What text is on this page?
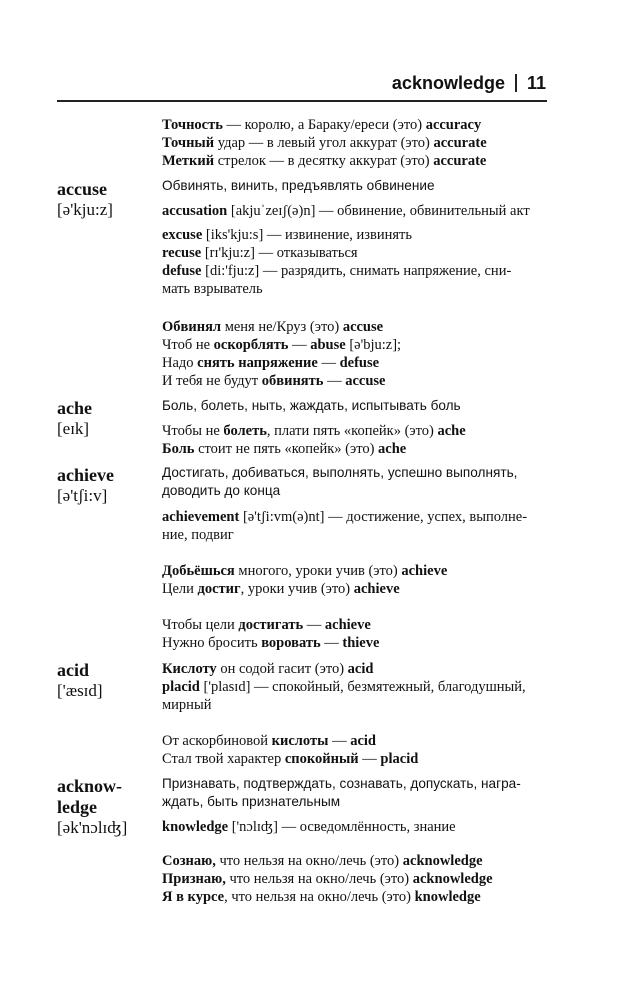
acknowledge 11
Точность — королю, а Бараку/ереси (это) accuracy
Точный удар — в левый угол аккурат (это) accurate
Меткий стрелок — в десятку аккурат (это) accurate
accuse
[ə'kju:z]
Обвинять, винить, предъявлять обвинение
accusation [akjuˈzeɪʃ(ə)n] — обвинение, обвинительный акт
excuse [iks'kju:s] — извинение, извинять
recuse [rɪ'kju:z] — отказываться
defuse [di:'fju:z] — разрядить, снимать напряжение, сни-
мать взрыватель
Обвинял меня не/Круз (это) accuse
Чтоб не оскорблять — abuse [ə'bju:z];
Надо снять напряжение — defuse
И тебя не будут обвинять — accuse
ache
[eɪk]
Боль, болеть, ныть, жаждать, испытывать боль
Чтобы не болеть, плати пять «копейк» (это) ache
Боль стоит не пять «копейк» (это) ache
achieve
[ə'tʃi:v]
Достигать, добиваться, выполнять, успешно выполнять,
доводить до конца
achievement [ə'tʃi:vm(ə)nt] — достижение, успех, выполне-
ние, подвиг
Добьёшься многого, уроки учив (это) achieve
Цели достиг, уроки учив (это) achieve
Чтобы цели достигать — achieve
Нужно бросить воровать — thieve
acid
['æsɪd]
Кислоту он содой гасит (это) acid
placid ['plasɪd] — спокойный, безмятежный, благодушный,
мирный
От аскорбиновой кислоты — acid
Стал твой характер спокойный — placid
acknow-
ledge
[ək'nɔlɪʤ]
Признавать, подтверждать, сознавать, допускать, награ-
ждать, быть признательным
knowledge ['nɔlɪʤ] — осведомлённость, знание
Сознаю, что нельзя на окно/лечь (это) acknowledge
Признаю, что нельзя на окно/лечь (это) acknowledge
Я в курсе, что нельзя на окно/лечь (это) knowledge
